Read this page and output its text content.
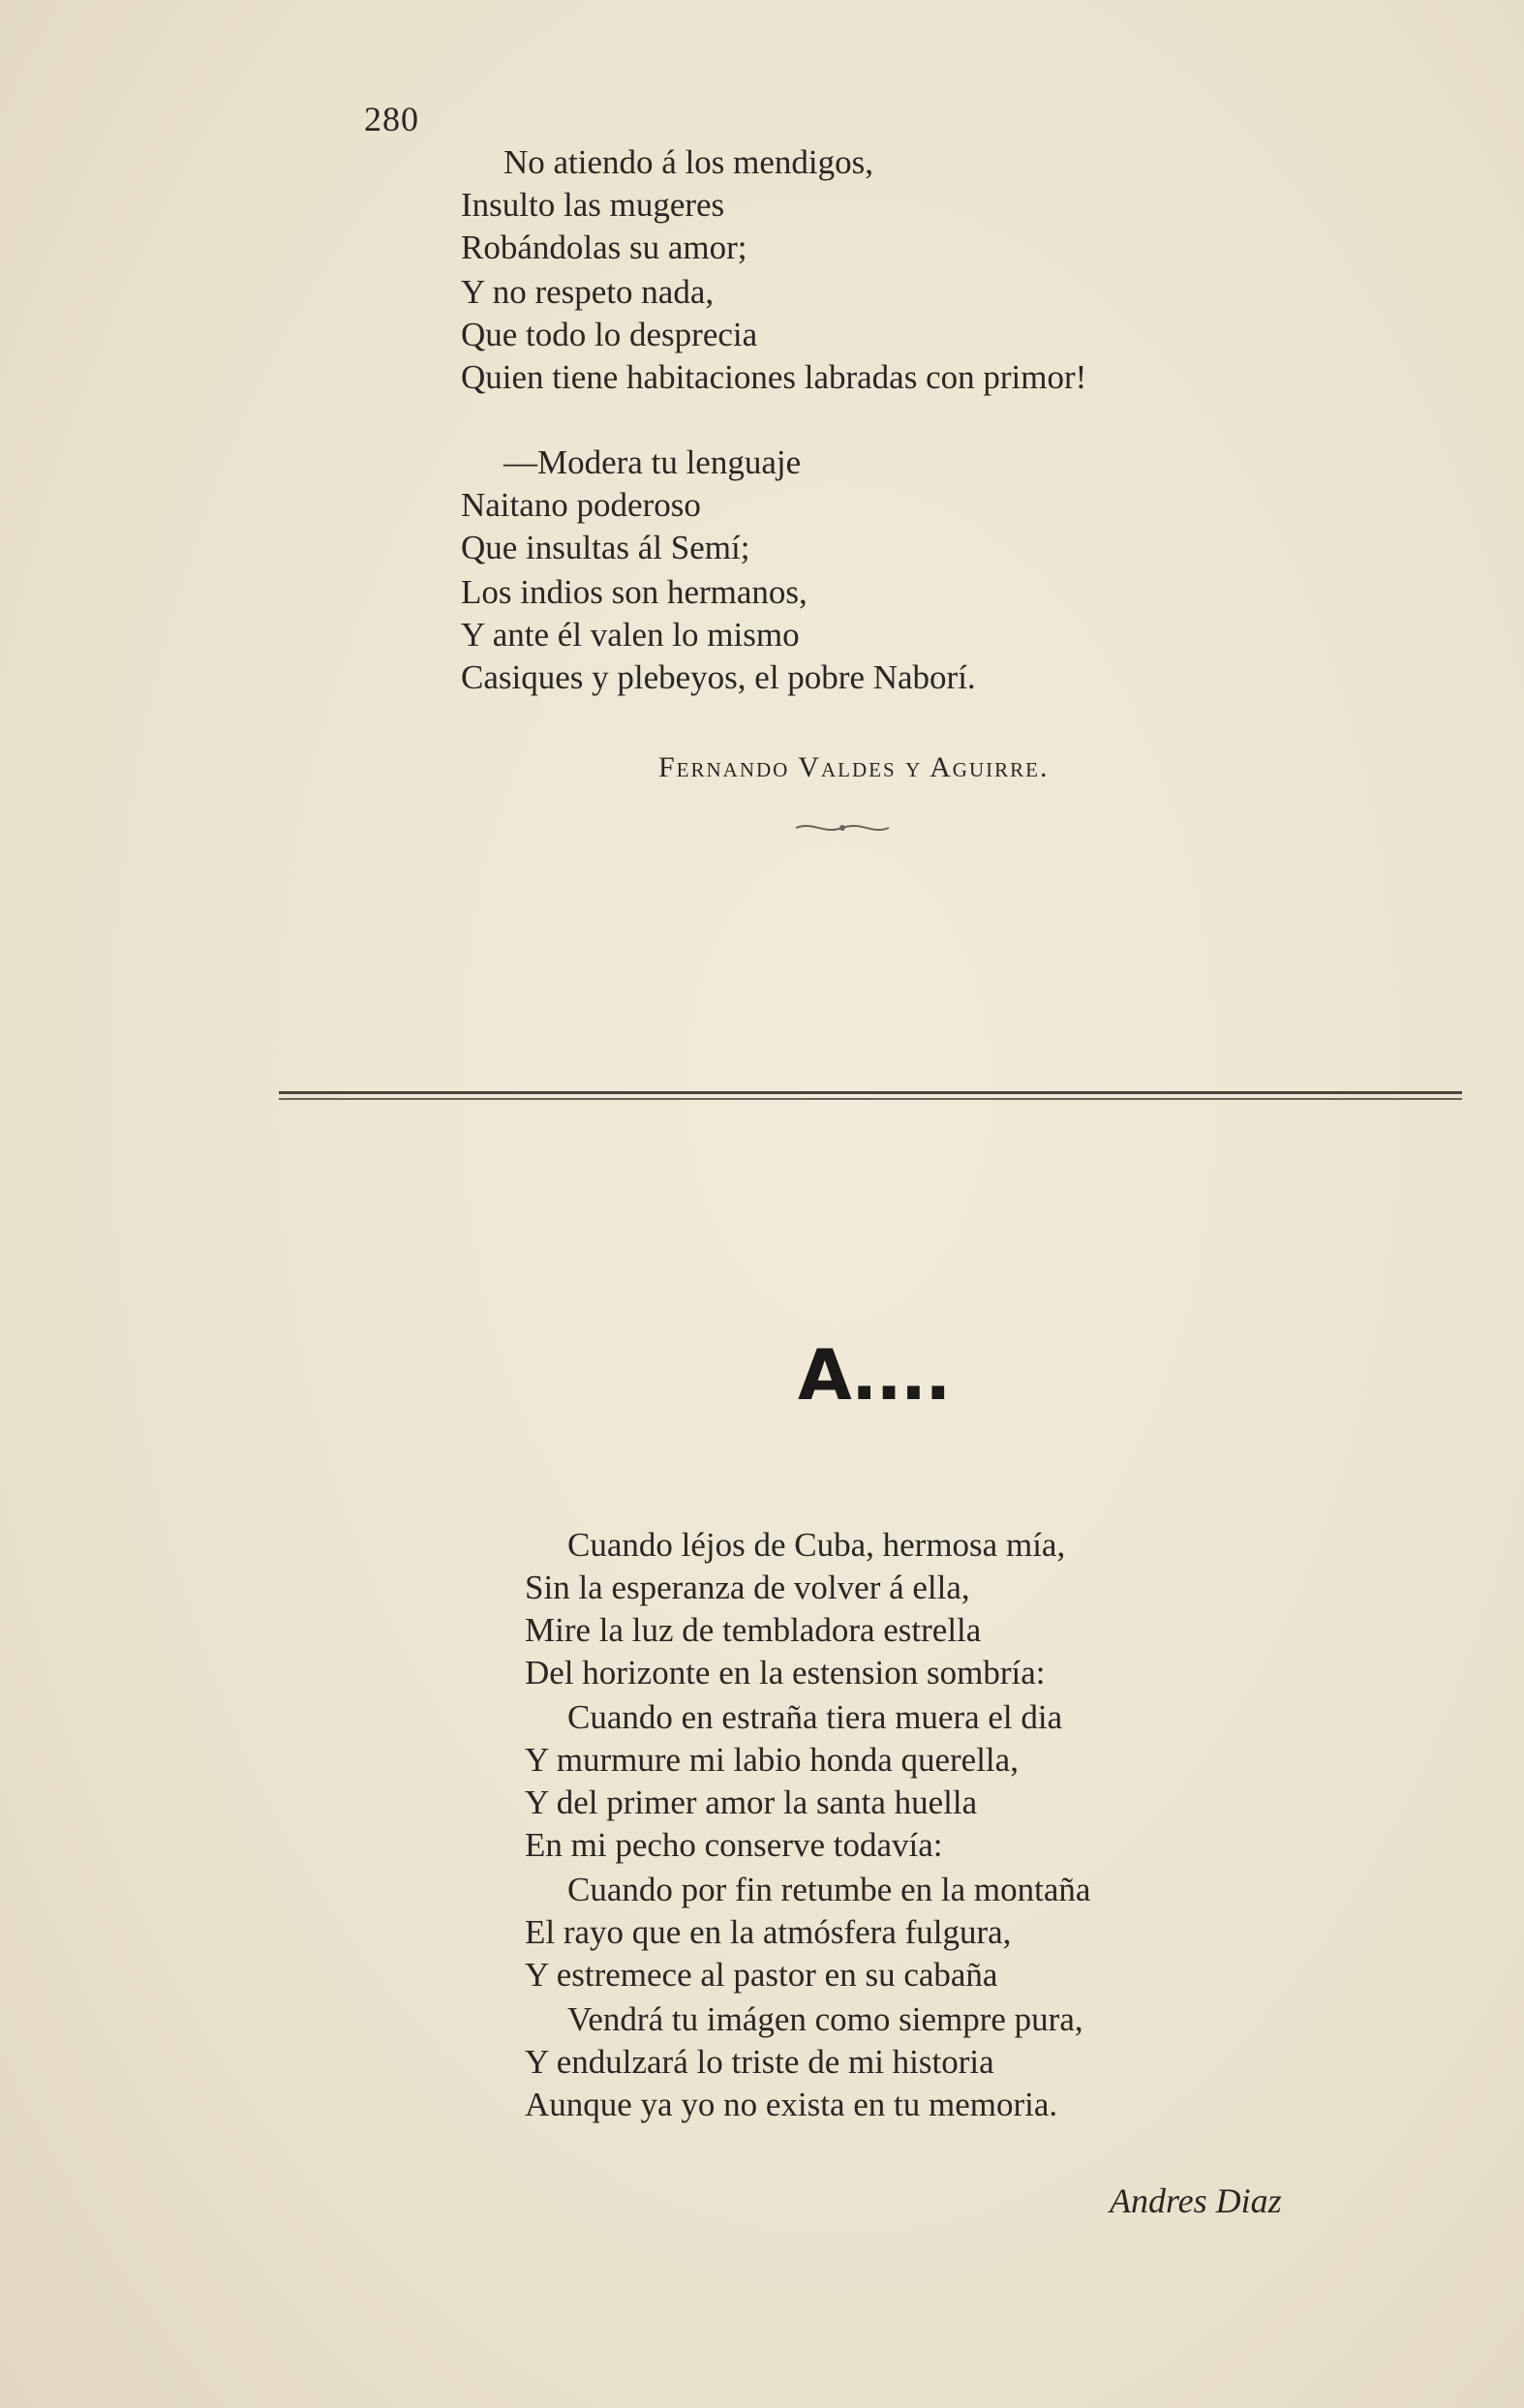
280
No atiendo á los mendigos,
Insulto las mugeres
Robándolas su amor;
Y no respeto nada,
Que todo lo desprecia
Quien tiene habitaciones labradas con primor!
—Modera tu lenguaje
Naitano poderoso
Que insultas ál Semí;
Los indios son hermanos,
Y ante él valen lo mismo
Casiques y plebeyos, el pobre Naborí.
Fernando Valdes y Aguirre.
A....
Cuando léjos de Cuba, hermosa mía,
Sin la esperanza de volver á ella,
Mire la luz de tembladora estrella
Del horizonte en la estension sombría:
Cuando en estraña tiera muera el dia
Y murmure mi labio honda querella,
Y del primer amor la santa huella
En mi pecho conserve todavía:
Cuando por fin retumbe en la montaña
El rayo que en la atmósfera fulgura,
Y estremece al pastor en su cabaña
Vendrá tu imágen como siempre pura,
Y endulzará lo triste de mi historia
Aunque ya yo no exista en tu memoria.
Andres Diaz
